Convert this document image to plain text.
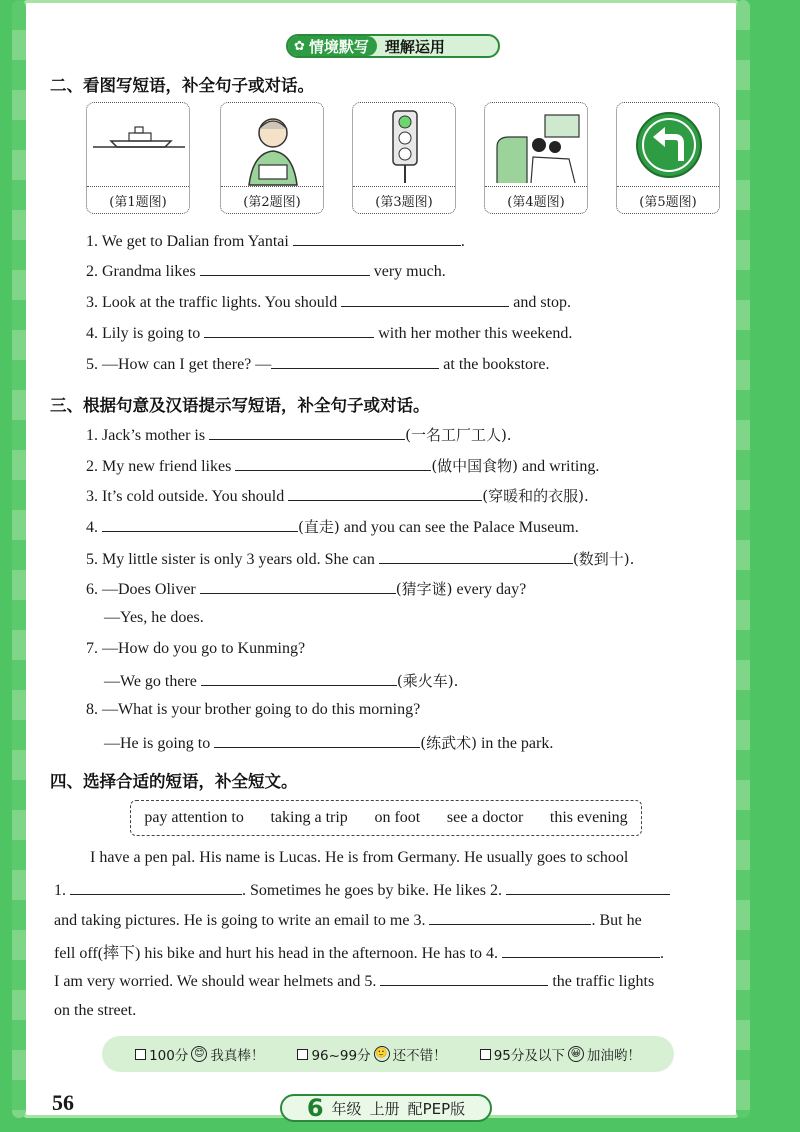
✿ 情境默写	理解运用
二、看图写短语，补全句子或对话。
(第1题图)	(第2题图)	(第3题图)	(第4题图)	(第5题图)
1. We get to Dalian from Yantai	.
2. Grandma likes	very much.
3. Look at the traffic lights. You should	and stop.
4. Lily is going to	with her mother this weekend.
5. —How can I get there? —	at the bookstore.
三、根据句意及汉语提示写短语，补全句子或对话。
1. Jack’s mother is	(一名工厂工人).
2. My new friend likes	(做中国食物) and writing.
3. It’s cold outside. You should	(穿暖和的衣服).
4.	(直走) and you can see the Palace Museum.
5. My little sister is only 3 years old. She can	(数到十).
6. —Does Oliver	(猜字谜) every day?
—Yes, he does.
7. —How do you go to Kunming?
—We go there	(乘火车).
8. —What is your brother going to do this morning?
—He is going to	(练武术) in the park.
四、选择合适的短语，补全短文。
pay attention to taking a trip on foot see a doctor this evening
I have a pen pal. His name is Lucas. He is from Germany. He usually goes to school
1.	. Sometimes he goes by bike. He likes 2.
and taking pictures. He is going to write an email to me 3.	. But he
fell off(摔下) his bike and hurt his head in the afternoon. He has to 4.	.
I am very worried. We should wear helmets and 5.	the traffic lights
on the street.
100分 😊 我真棒！	96~99分 🙂 还不错！	95分及以下 😀 加油哟！
56	6 年级 上册 配PEP版
